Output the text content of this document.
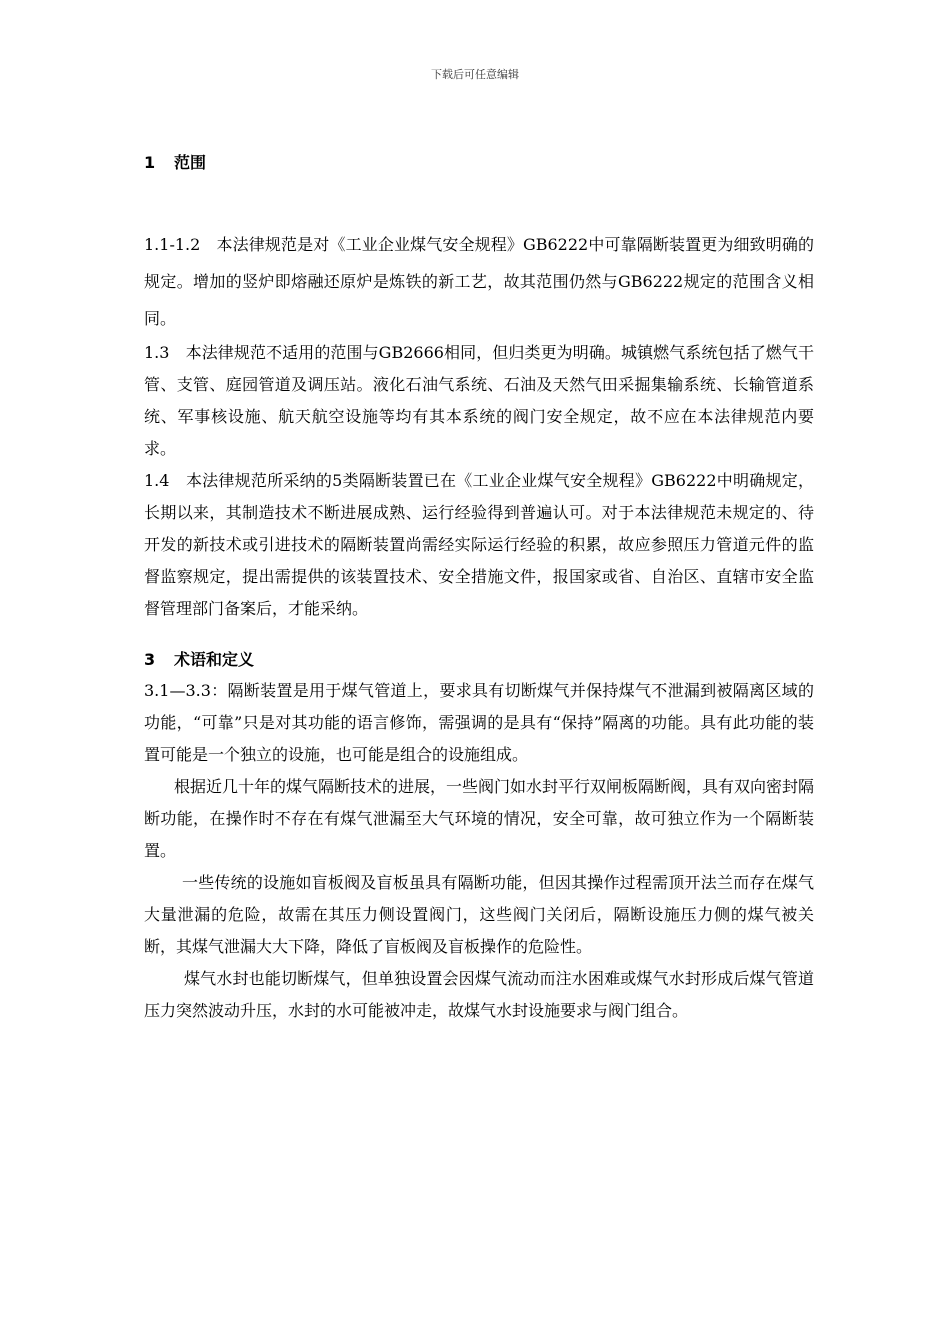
下载后可任意编辑
1 范围

1.1-1.2　本法律规范是对《工业企业煤气安全规程》GB6222中可靠隔断装置更为细致明确的规定。增加的竖炉即熔融还原炉是炼铁的新工艺，故其范围仍然与GB6222规定的范围含义相同。

1.3　本法律规范不适用的范围与GB2666相同，但归类更为明确。城镇燃气系统包括了燃气干管、支管、庭园管道及调压站。液化石油气系统、石油及天然气田采掘集输系统、长输管道系统、军事核设施、航天航空设施等均有其本系统的阀门安全规定，故不应在本法律规范内要求。

1.4　本法律规范所采纳的5类隔断装置已在《工业企业煤气安全规程》GB6222中明确规定，长期以来，其制造技术不断进展成熟、运行经验得到普遍认可。对于本法律规范未规定的、待开发的新技术或引进技术的隔断装置尚需经实际运行经验的积累，故应参照压力管道元件的监督监察规定，提出需提供的该装置技术、安全措施文件，报国家或省、自治区、直辖市安全监督管理部门备案后，才能采纳。

3 术语和定义

3.1—3.3：隔断装置是用于煤气管道上，要求具有切断煤气并保持煤气不泄漏到被隔离区域的功能，“可靠”只是对其功能的语言修饰，需强调的是具有“保持”隔离的功能。具有此功能的装置可能是一个独立的设施，也可能是组合的设施组成。

根据近几十年的煤气隔断技术的进展，一些阀门如水封平行双闸板隔断阀，具有双向密封隔断功能，在操作时不存在有煤气泄漏至大气环境的情况，安全可靠，故可独立作为一个隔断装置。

一些传统的设施如盲板阀及盲板虽具有隔断功能，但因其操作过程需顶开法兰而存在煤气大量泄漏的危险，故需在其压力侧设置阀门，这些阀门关闭后，隔断设施压力侧的煤气被关断，其煤气泄漏大大下降，降低了盲板阀及盲板操作的危险性。

煤气水封也能切断煤气，但单独设置会因煤气流动而注水困难或煤气水封形成后煤气管道压力突然波动升压，水封的水可能被冲走，故煤气水封设施要求与阀门组合。
